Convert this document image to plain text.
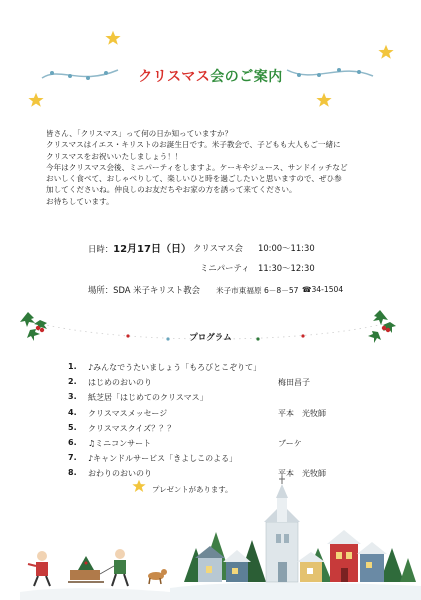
クリスマス会のご案内

皆さん、「クリスマス」って何の日か知っていますか？

クリスマスはイエス・キリストのお誕生日です。米子教会で、子どもも大人もご一緒に

クリスマスをお祝いいたしましょう！！

今年はクリスマス会後、ミニパーティをしますよ。ケーキやジュース、サンドイッチなど

おいしく食べて、おしゃべりして、楽しいひと時を過ごしたいと思いますので、ぜひ参

加してくださいね。仲良しのお友だちやお家の方を誘って来てください。

お待ちしています。

日時：12月17日（日） クリスマス会 10:00～11:30
ミニパーティ 11:30～12:30
場所：SDA 米子キリスト教会 米子市東福原 6－8－57 ☎34-1504
プログラム
1. ♪みんなでうたいましょう「もろびとこぞりて」
2. はじめのおいのり	梅田昌子
3. 紙芝居「はじめてのクリスマス」
4. クリスマスメッセージ	平本　光牧師
5. クリスマスクイズ？？？
6. ♫ミニコンサート	ブーケ
7. ♪キャンドルサービス「きよしこのよる」
8. おわりのおいのり	平本　光牧師
プレゼントがあります。
